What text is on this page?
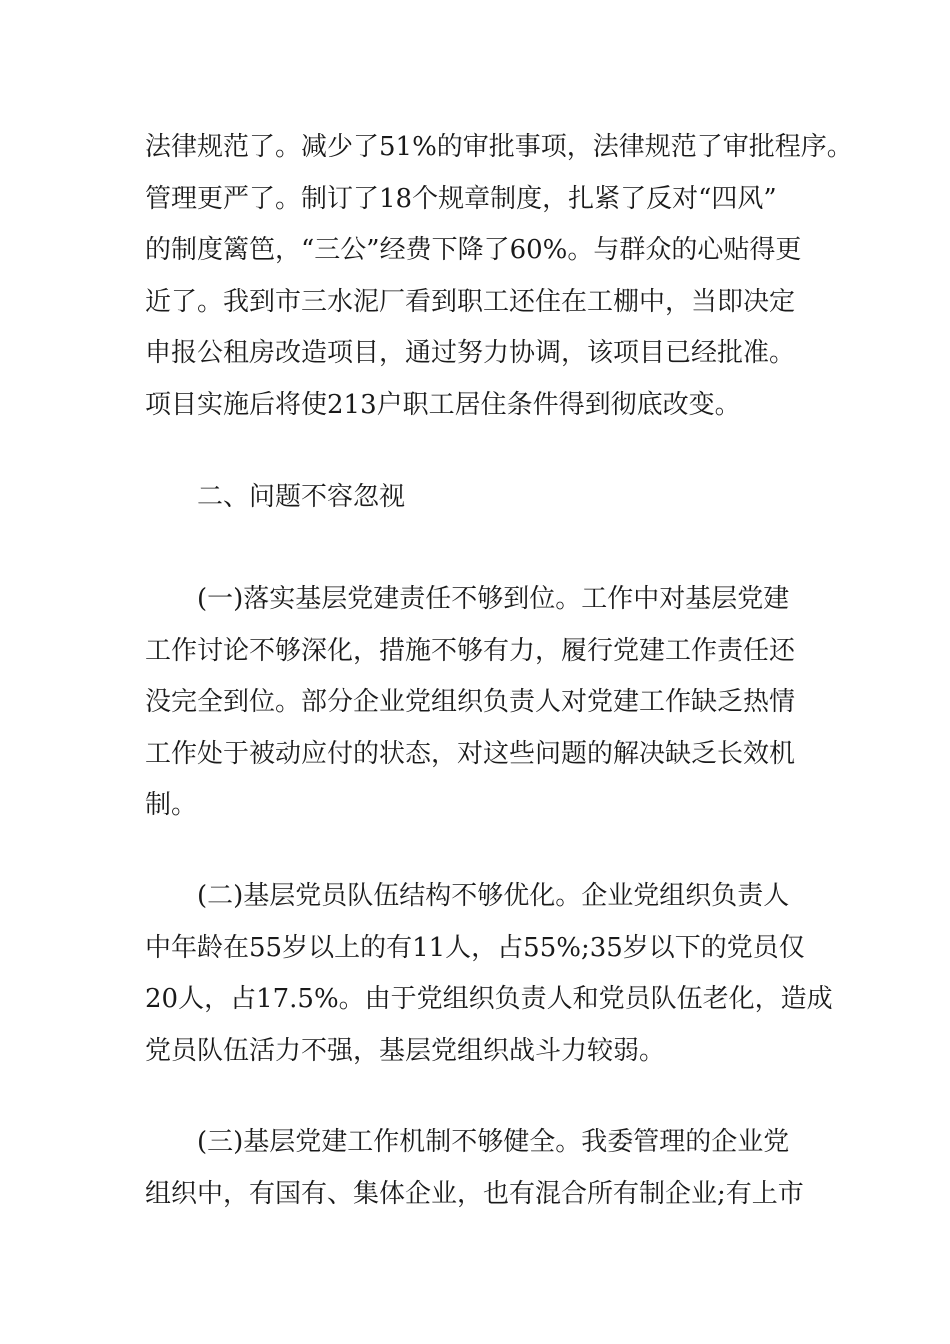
法律规范了。减少了51%的审批事项，法律规范了审批程序。
管理更严了。制订了18个规章制度，扎紧了反对“四风”
的制度篱笆，“三公”经费下降了60%。与群众的心贴得更
近了。我到市三水泥厂看到职工还住在工棚中，当即决定
申报公租房改造项目，通过努力协调，该项目已经批准。
项目实施后将使213户职工居住条件得到彻底改变。
二、问题不容忽视
(一)落实基层党建责任不够到位。工作中对基层党建
工作讨论不够深化，措施不够有力，履行党建工作责任还
没完全到位。部分企业党组织负责人对党建工作缺乏热情
工作处于被动应付的状态，对这些问题的解决缺乏长效机
制。
(二)基层党员队伍结构不够优化。企业党组织负责人
中年龄在55岁以上的有11人，占55%;35岁以下的党员仅
20人，占17.5%。由于党组织负责人和党员队伍老化，造成
党员队伍活力不强，基层党组织战斗力较弱。
(三)基层党建工作机制不够健全。我委管理的企业党
组织中，有国有、集体企业，也有混合所有制企业;有上市
